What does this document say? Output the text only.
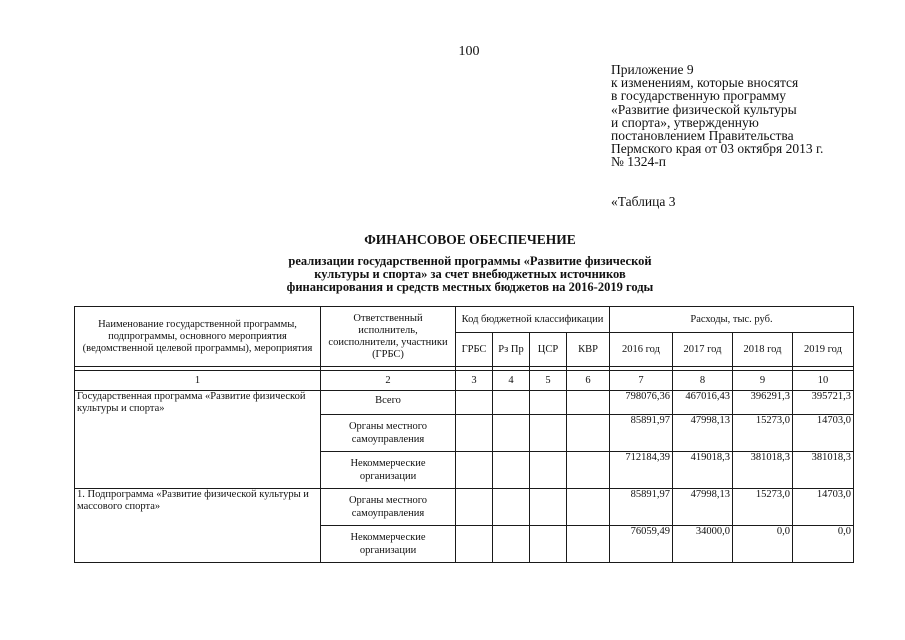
100
Приложение 9
к изменениям, которые вносятся
в государственную программу
«Развитие физической культуры
и спорта», утвержденную
постановлением Правительства
Пермского края от 03 октября 2013 г.
№ 1324-п
«Таблица 3
ФИНАНСОВОЕ ОБЕСПЕЧЕНИЕ
реализации государственной программы «Развитие физической
культуры и спорта» за счет внебюджетных источников
финансирования и средств местных бюджетов на 2016-2019 годы
Наименование государственной программы, подпрограммы, основного мероприятия (ведомственной целевой программы), мероприятия	Ответственный исполнитель, соисполнители, участники (ГРБС)	Код бюджетной классификации				Расходы, тыс. руб.			
		ГРБС	Рз Пр	ЦСР	КВР	2016 год	2017 год	2018 год	2019 год

1	2	3	4	5	6	7	8	9	10
Государственная программа «Развитие физической культуры и спорта»	Всего					798076,36	467016,43	396291,3	395721,3
	Органы местного самоуправления					85891,97	47998,13	15273,0	14703,0
	Некоммерческие организации					712184,39	419018,3	381018,3	381018,3
1. Подпрограмма «Развитие физической культуры и массового спорта»	Органы местного самоуправления					85891,97	47998,13	15273,0	14703,0
	Некоммерческие организации					76059,49	34000,0	0,0	0,0
